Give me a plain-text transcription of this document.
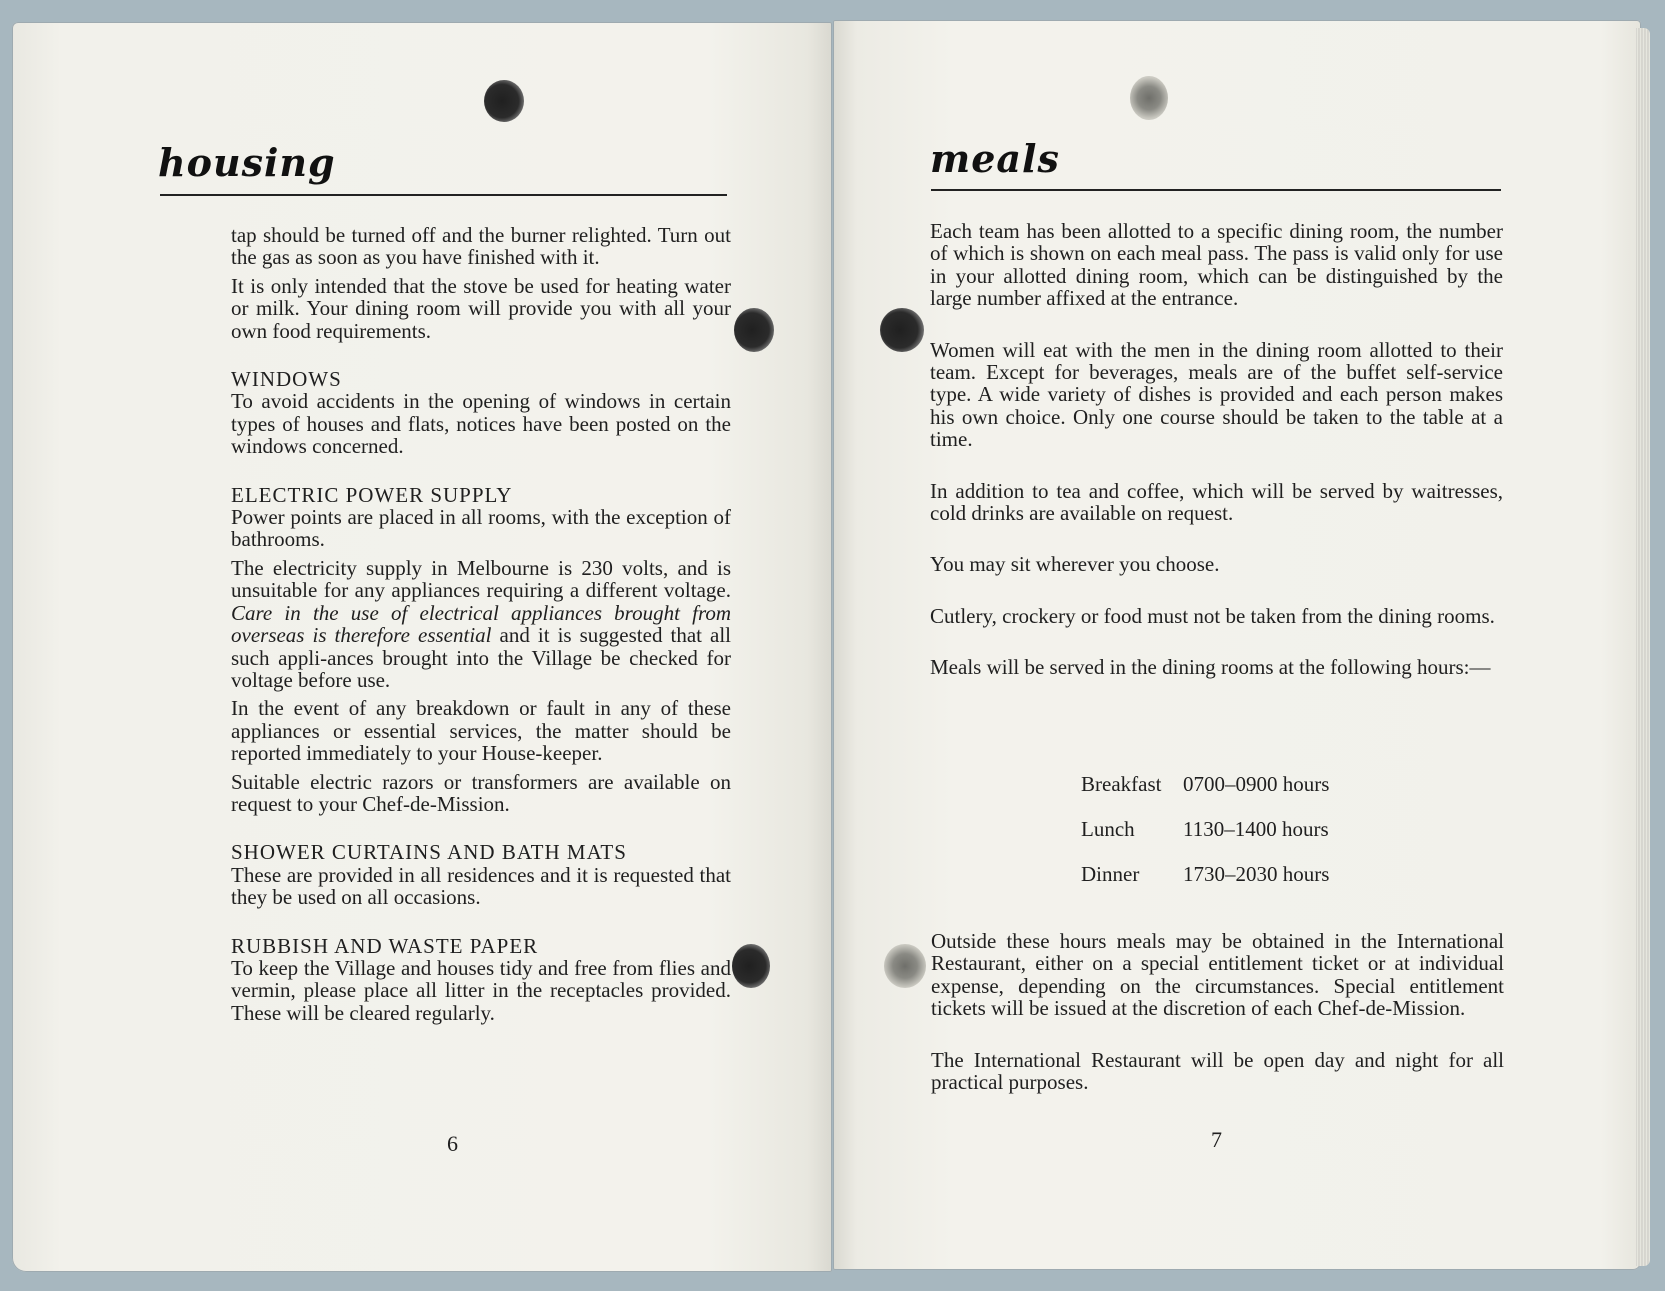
housing

tap should be turned off and the burner relighted. Turn out the gas as soon as you have finished with it.

It is only intended that the stove be used for heating water or milk. Your dining room will provide you with all your own food requirements.

WINDOWS

To avoid accidents in the opening of windows in certain types of houses and flats, notices have been posted on the windows concerned.

ELECTRIC POWER SUPPLY

Power points are placed in all rooms, with the exception of bathrooms.

The electricity supply in Melbourne is 230 volts, and is unsuitable for any appliances requiring a different voltage. Care in the use of electrical appliances brought from overseas is therefore essential and it is suggested that all such appli-ances brought into the Village be checked for voltage before use.

In the event of any breakdown or fault in any of these appliances or essential services, the matter should be reported immediately to your House-keeper.

Suitable electric razors or transformers are available on request to your Chef-de-Mission.

SHOWER CURTAINS AND BATH MATS

These are provided in all residences and it is requested that they be used on all occasions.

RUBBISH AND WASTE PAPER

To keep the Village and houses tidy and free from flies and vermin, please place all litter in the receptacles provided. These will be cleared regularly.

6
meals

Each team has been allotted to a specific dining room, the number of which is shown on each meal pass. The pass is valid only for use in your allotted dining room, which can be distinguished by the large number affixed at the entrance.

Women will eat with the men in the dining room allotted to their team. Except for beverages, meals are of the buffet self-service type. A wide variety of dishes is provided and each person makes his own choice. Only one course should be taken to the table at a time.

In addition to tea and coffee, which will be served by waitresses, cold drinks are available on request.

You may sit wherever you choose.

Cutlery, crockery or food must not be taken from the dining rooms.

Meals will be served in the dining rooms at the following hours:—

Breakfast	0700–0900 hours
Lunch	1130–1400 hours
Dinner	1730–2030 hours

Outside these hours meals may be obtained in the International Restaurant, either on a special entitlement ticket or at individual expense, depending on the circumstances. Special entitlement tickets will be issued at the discretion of each Chef-de-Mission.

The International Restaurant will be open day and night for all practical purposes.

7
